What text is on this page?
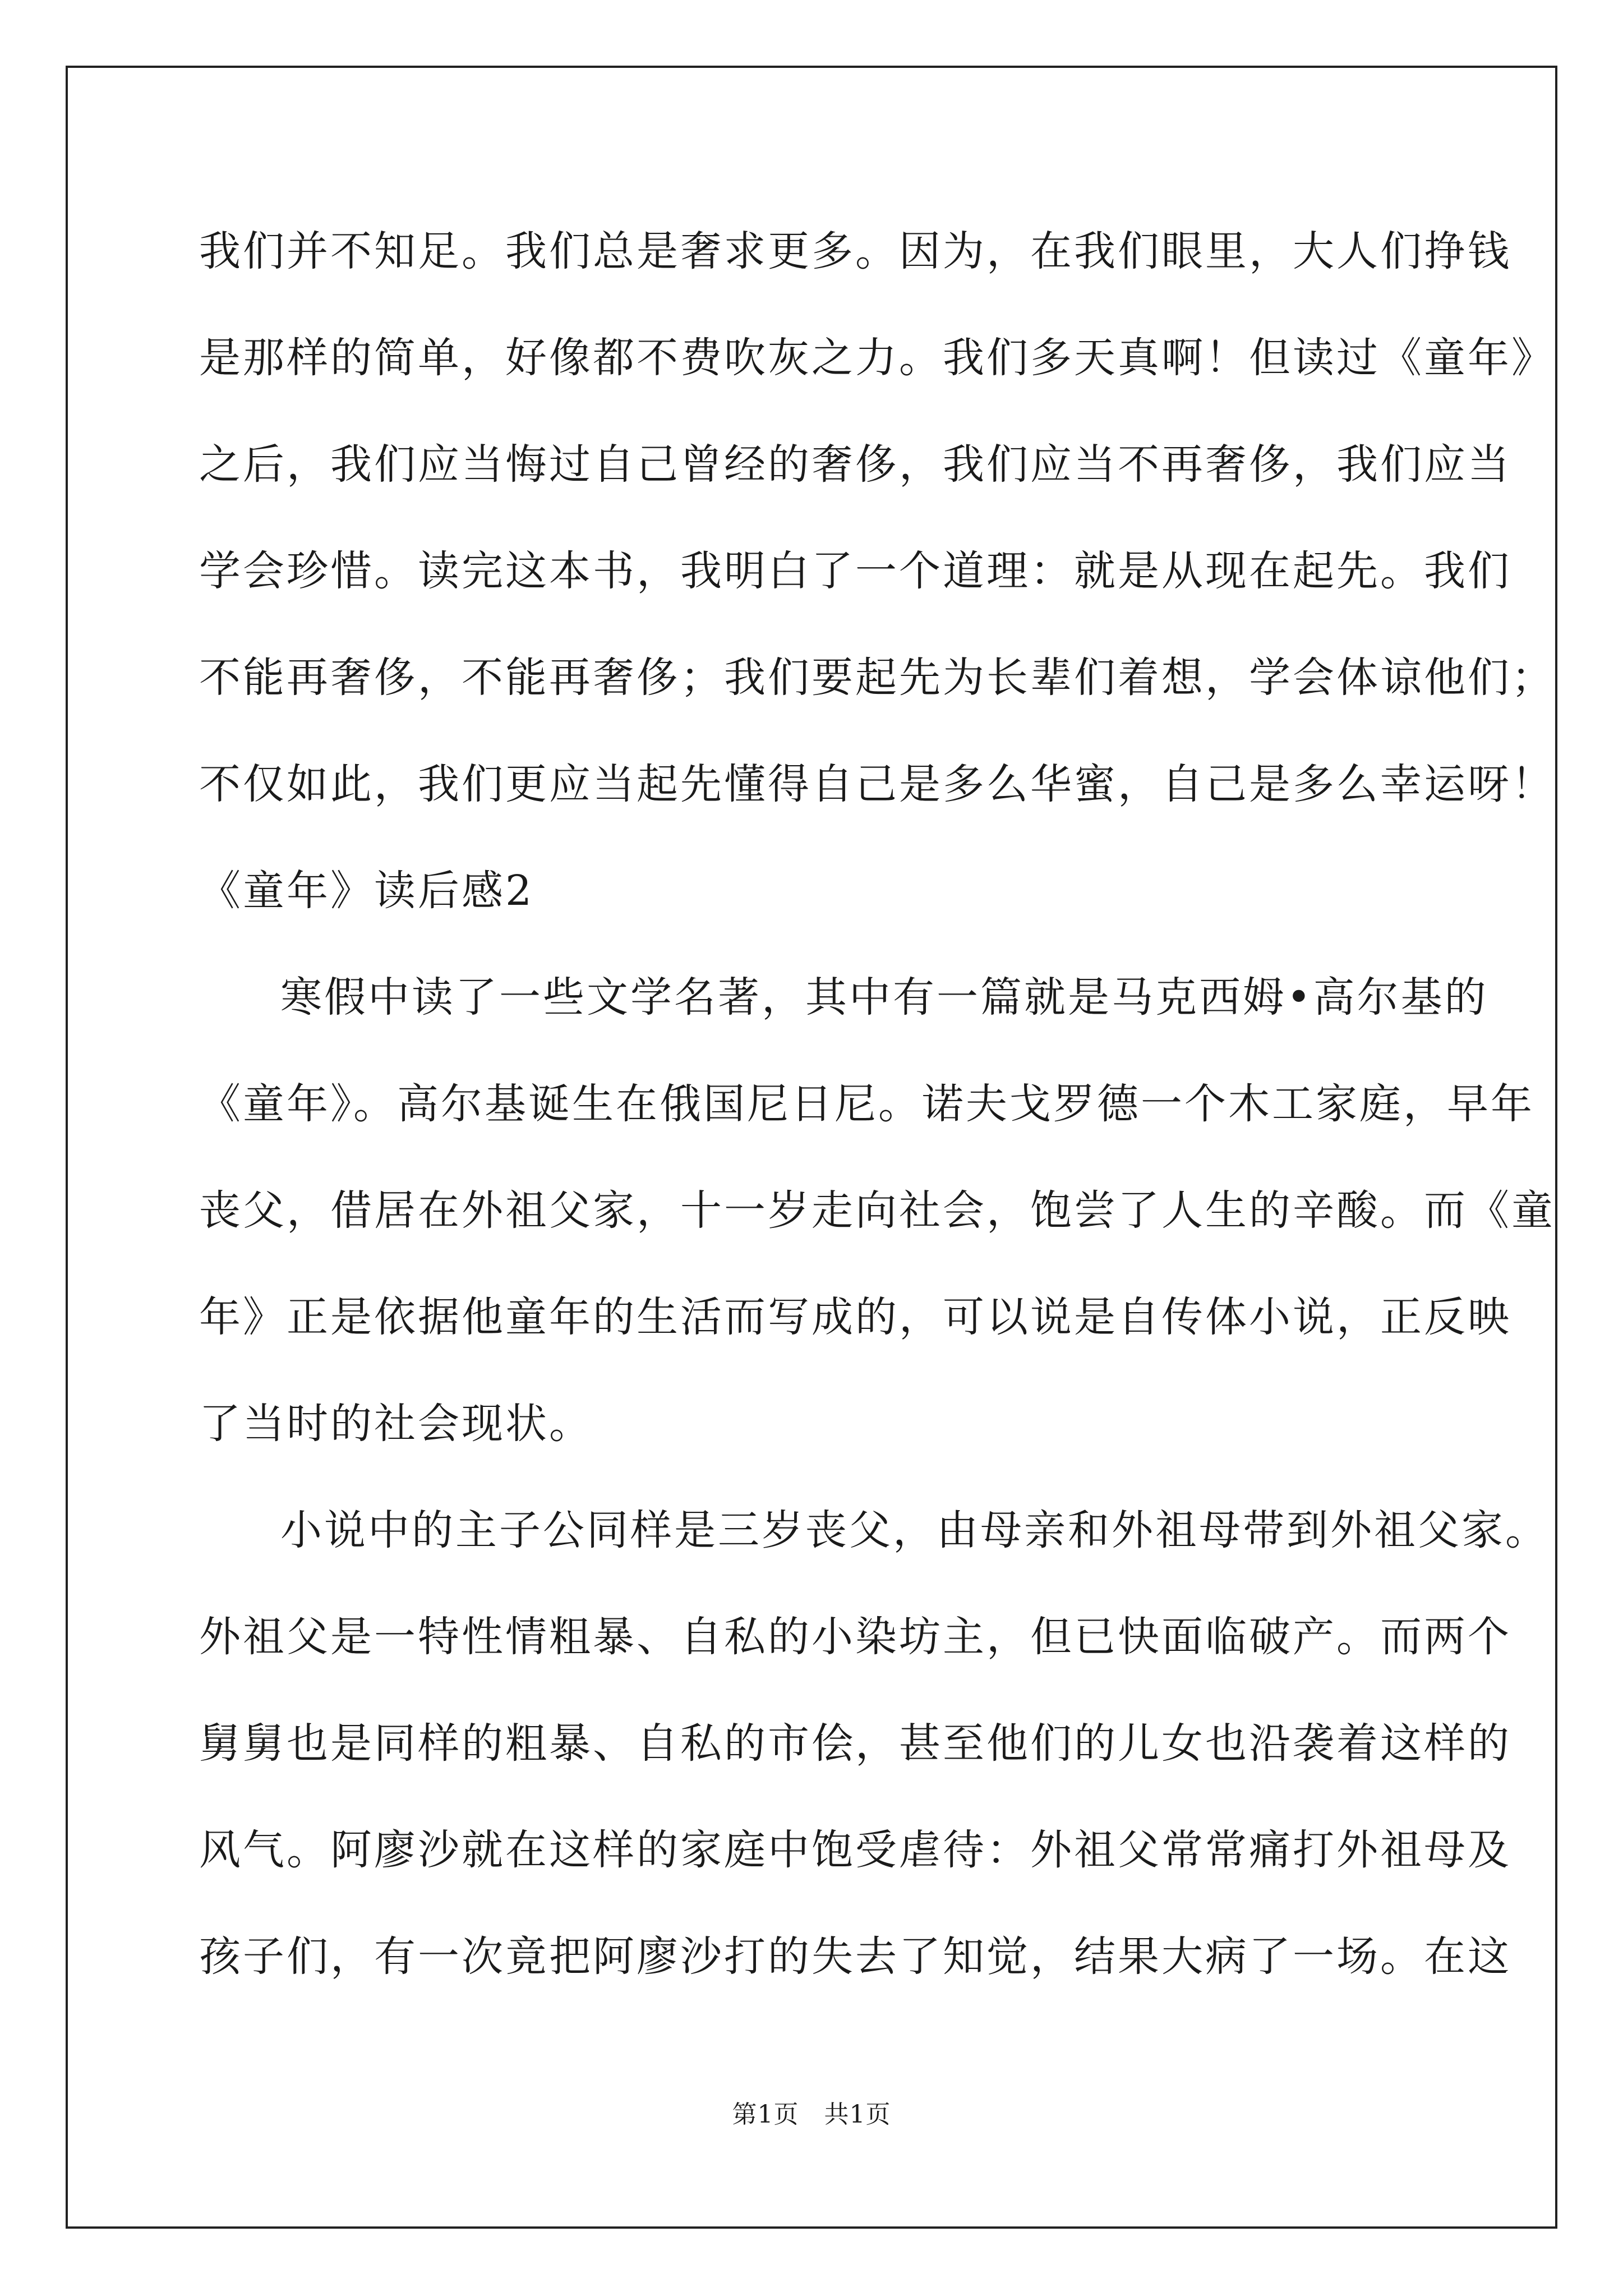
我们并不知足。我们总是奢求更多。因为，在我们眼里，大人们挣钱
是那样的简单，好像都不费吹灰之力。我们多天真啊！但读过《童年》
之后，我们应当悔过自己曾经的奢侈，我们应当不再奢侈，我们应当
学会珍惜。读完这本书，我明白了一个道理：就是从现在起先。我们
不能再奢侈，不能再奢侈；我们要起先为长辈们着想，学会体谅他们；
不仅如此，我们更应当起先懂得自己是多么华蜜，自己是多么幸运呀！
《童年》读后感2
寒假中读了一些文学名著，其中有一篇就是马克西姆•高尔基的
《童年》。高尔基诞生在俄国尼日尼。诺夫戈罗德一个木工家庭，早年
丧父，借居在外祖父家，十一岁走向社会，饱尝了人生的辛酸。而《童
年》正是依据他童年的生活而写成的，可以说是自传体小说，正反映
了当时的社会现状。
小说中的主子公同样是三岁丧父，由母亲和外祖母带到外祖父家。
外祖父是一特性情粗暴、自私的小染坊主，但已快面临破产。而两个
舅舅也是同样的粗暴、自私的市侩，甚至他们的儿女也沿袭着这样的
风气。阿廖沙就在这样的家庭中饱受虐待：外祖父常常痛打外祖母及
孩子们，有一次竟把阿廖沙打的失去了知觉，结果大病了一场。在这
第1页　共1页
